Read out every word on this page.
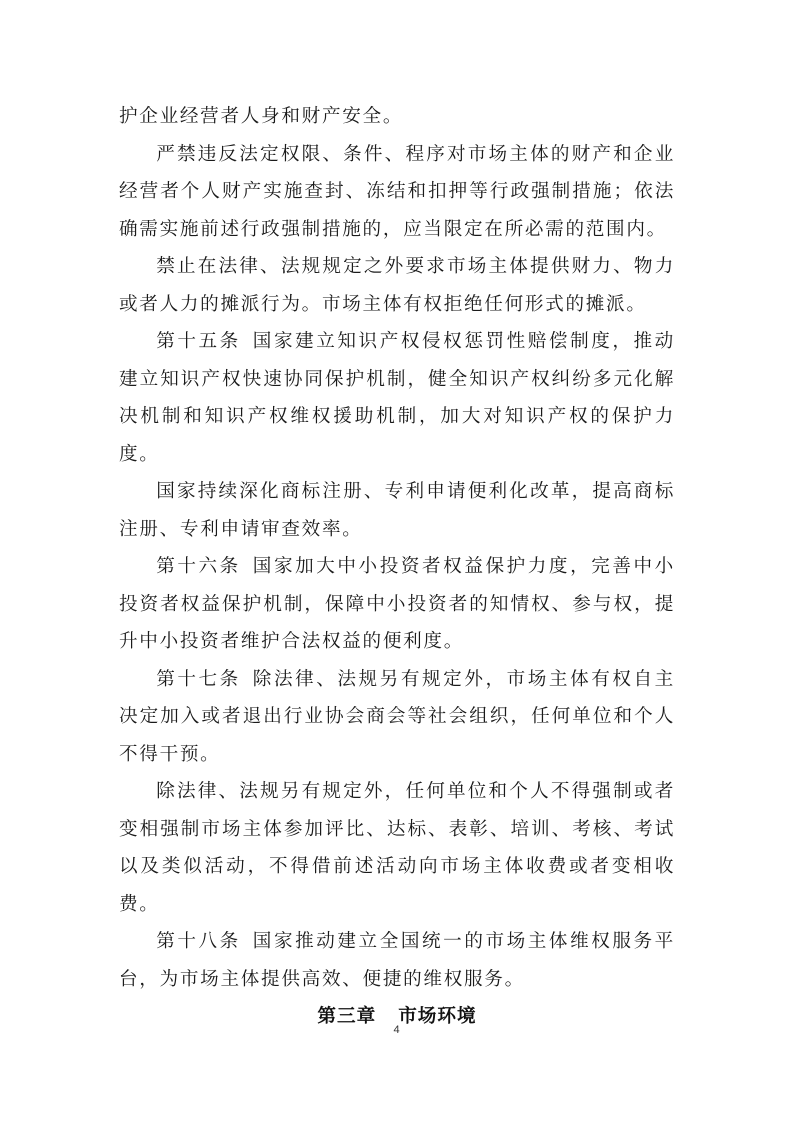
护企业经营者人身和财产安全。

严禁违反法定权限、条件、程序对市场主体的财产和企业经营者个人财产实施查封、冻结和扣押等行政强制措施；依法确需实施前述行政强制措施的，应当限定在所必需的范围内。

禁止在法律、法规规定之外要求市场主体提供财力、物力或者人力的摊派行为。市场主体有权拒绝任何形式的摊派。

第十五条 国家建立知识产权侵权惩罚性赔偿制度，推动建立知识产权快速协同保护机制，健全知识产权纠纷多元化解决机制和知识产权维权援助机制，加大对知识产权的保护力度。

国家持续深化商标注册、专利申请便利化改革，提高商标注册、专利申请审查效率。

第十六条 国家加大中小投资者权益保护力度，完善中小投资者权益保护机制，保障中小投资者的知情权、参与权，提升中小投资者维护合法权益的便利度。

第十七条 除法律、法规另有规定外，市场主体有权自主决定加入或者退出行业协会商会等社会组织，任何单位和个人不得干预。

除法律、法规另有规定外，任何单位和个人不得强制或者变相强制市场主体参加评比、达标、表彰、培训、考核、考试以及类似活动，不得借前述活动向市场主体收费或者变相收费。

第十八条 国家推动建立全国统一的市场主体维权服务平台，为市场主体提供高效、便捷的维权服务。

第三章 市场环境

4
